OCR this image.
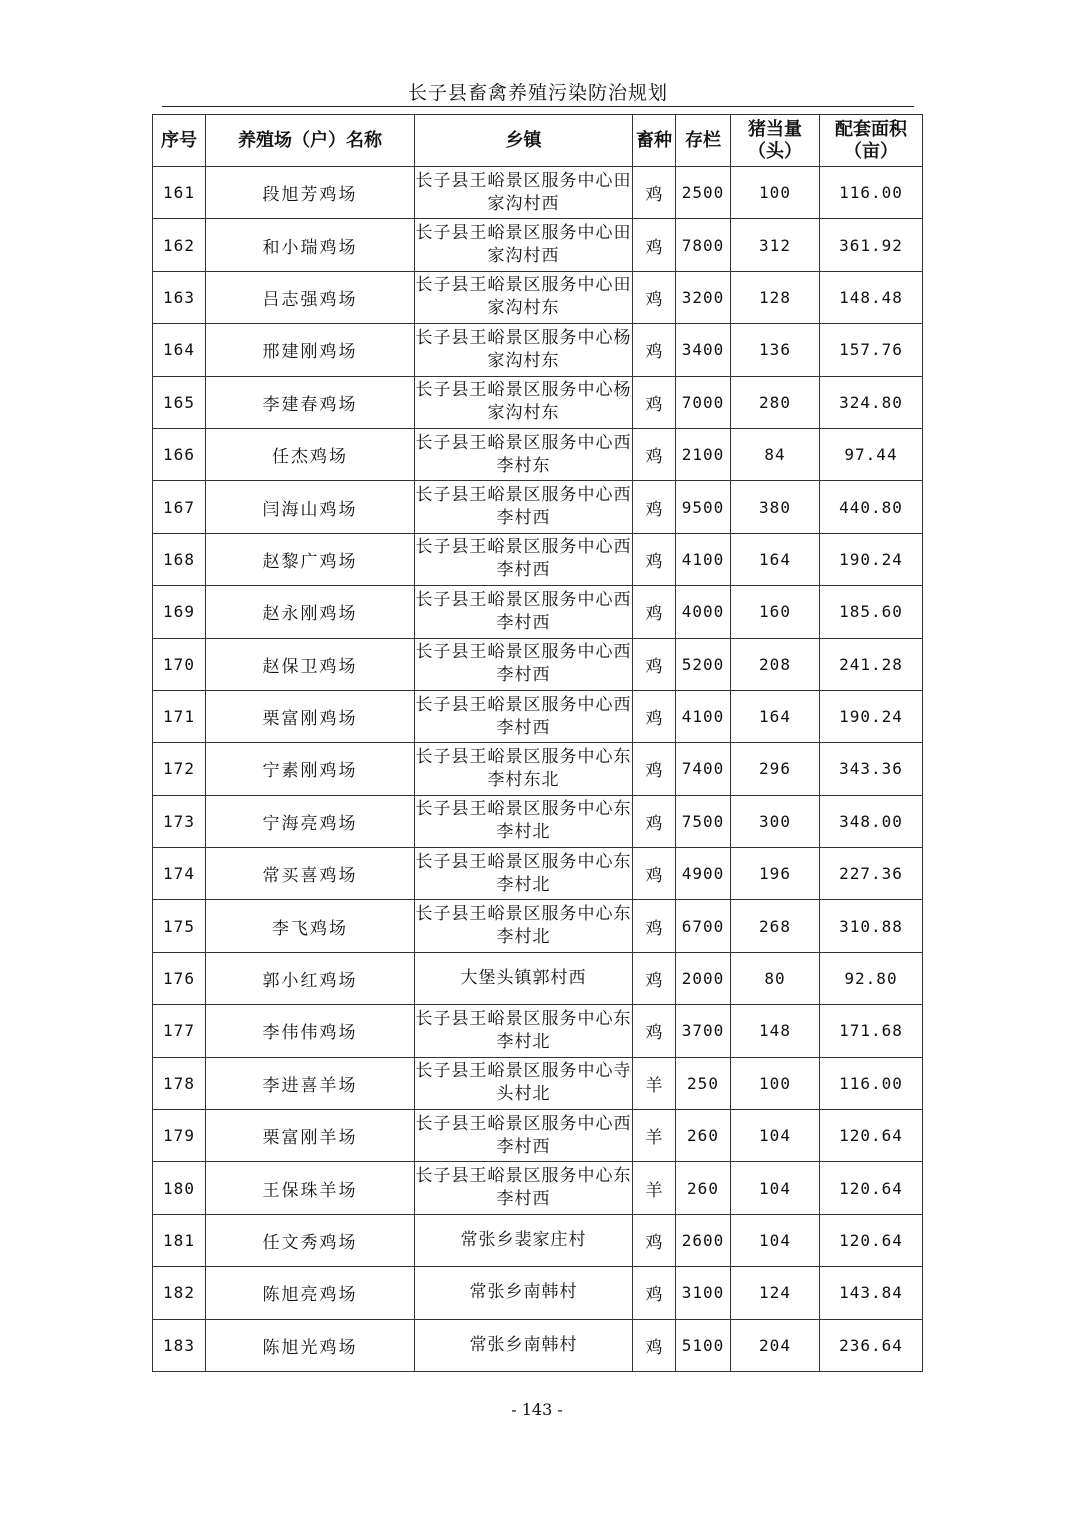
长子县畜禽养殖污染防治规划
序号	养殖场（户）名称	乡镇	畜种	存栏	猪当量（头）	配套面积（亩）
161	段旭芳鸡场	长子县王峪景区服务中心田家沟村西	鸡	2500	100	116.00
162	和小瑞鸡场	长子县王峪景区服务中心田家沟村西	鸡	7800	312	361.92
163	吕志强鸡场	长子县王峪景区服务中心田家沟村东	鸡	3200	128	148.48
164	邢建刚鸡场	长子县王峪景区服务中心杨家沟村东	鸡	3400	136	157.76
165	李建春鸡场	长子县王峪景区服务中心杨家沟村东	鸡	7000	280	324.80
166	任杰鸡场	长子县王峪景区服务中心西李村东	鸡	2100	84	97.44
167	闫海山鸡场	长子县王峪景区服务中心西李村西	鸡	9500	380	440.80
168	赵黎广鸡场	长子县王峪景区服务中心西李村西	鸡	4100	164	190.24
169	赵永刚鸡场	长子县王峪景区服务中心西李村西	鸡	4000	160	185.60
170	赵保卫鸡场	长子县王峪景区服务中心西李村西	鸡	5200	208	241.28
171	栗富刚鸡场	长子县王峪景区服务中心西李村西	鸡	4100	164	190.24
172	宁素刚鸡场	长子县王峪景区服务中心东李村东北	鸡	7400	296	343.36
173	宁海亮鸡场	长子县王峪景区服务中心东李村北	鸡	7500	300	348.00
174	常买喜鸡场	长子县王峪景区服务中心东李村北	鸡	4900	196	227.36
175	李飞鸡场	长子县王峪景区服务中心东李村北	鸡	6700	268	310.88
176	郭小红鸡场	大堡头镇郭村西	鸡	2000	80	92.80
177	李伟伟鸡场	长子县王峪景区服务中心东李村北	鸡	3700	148	171.68
178	李进喜羊场	长子县王峪景区服务中心寺头村北	羊	250	100	116.00
179	栗富刚羊场	长子县王峪景区服务中心西李村西	羊	260	104	120.64
180	王保珠羊场	长子县王峪景区服务中心东李村西	羊	260	104	120.64
181	任文秀鸡场	常张乡裴家庄村	鸡	2600	104	120.64
182	陈旭亮鸡场	常张乡南韩村	鸡	3100	124	143.84
183	陈旭光鸡场	常张乡南韩村	鸡	5100	204	236.64
- 143 -
